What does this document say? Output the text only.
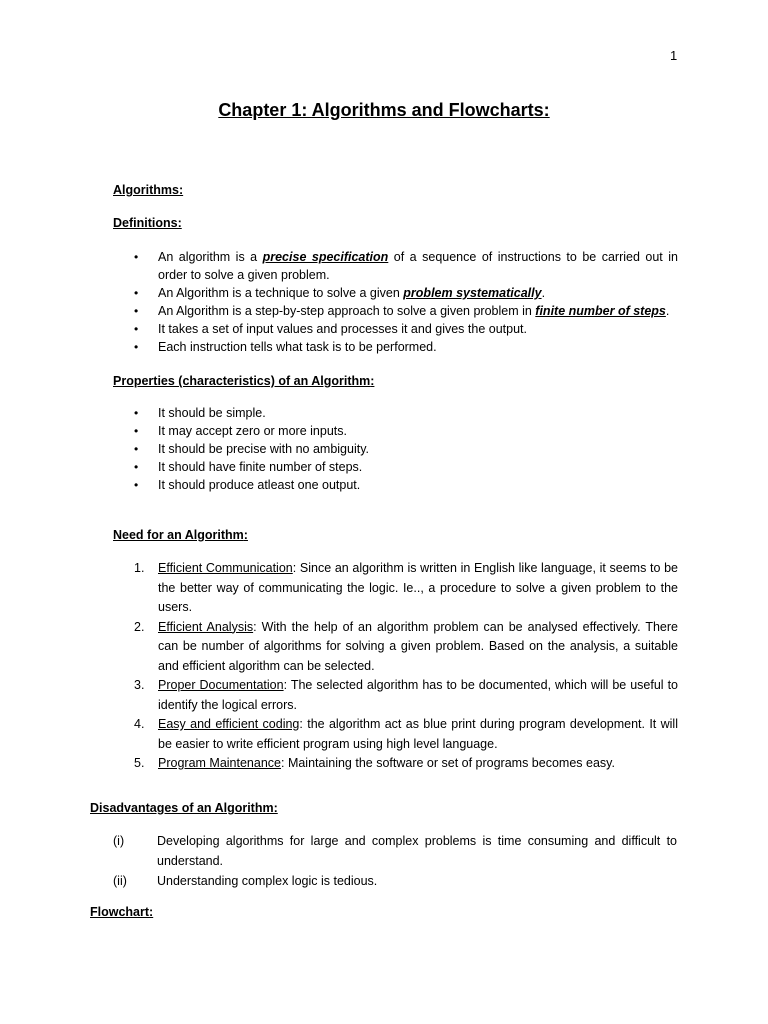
1
Chapter 1: Algorithms and Flowcharts:
Algorithms:
Definitions:
• An algorithm is a precise specification of a sequence of instructions to be carried out in order to solve a given problem.
• An Algorithm is a technique to solve a given problem systematically.
• An Algorithm is a step-by-step approach to solve a given problem in finite number of steps.
• It takes a set of input values and processes it and gives the output.
• Each instruction tells what task is to be performed.
Properties (characteristics) of an Algorithm:
• It should be simple.
• It may accept zero or more inputs.
• It should be precise with no ambiguity.
• It should have finite number of steps.
• It should produce atleast one output.
Need for an Algorithm:
1. Efficient Communication: Since an algorithm is written in English like language, it seems to be the better way of communicating the logic. Ie.., a procedure to solve a given problem to the users.
2. Efficient Analysis: With the help of an algorithm problem can be analysed effectively. There can be number of algorithms for solving a given problem. Based on the analysis, a suitable and efficient algorithm can be selected.
3. Proper Documentation: The selected algorithm has to be documented, which will be useful to identify the logical errors.
4. Easy and efficient coding: the algorithm act as blue print during program development. It will be easier to write efficient program using high level language.
5. Program Maintenance: Maintaining the software or set of programs becomes easy.
Disadvantages of an Algorithm:
(i)	Developing algorithms for large and complex problems is time consuming and difficult to understand.
(ii) Understanding complex logic is tedious.
Flowchart:
